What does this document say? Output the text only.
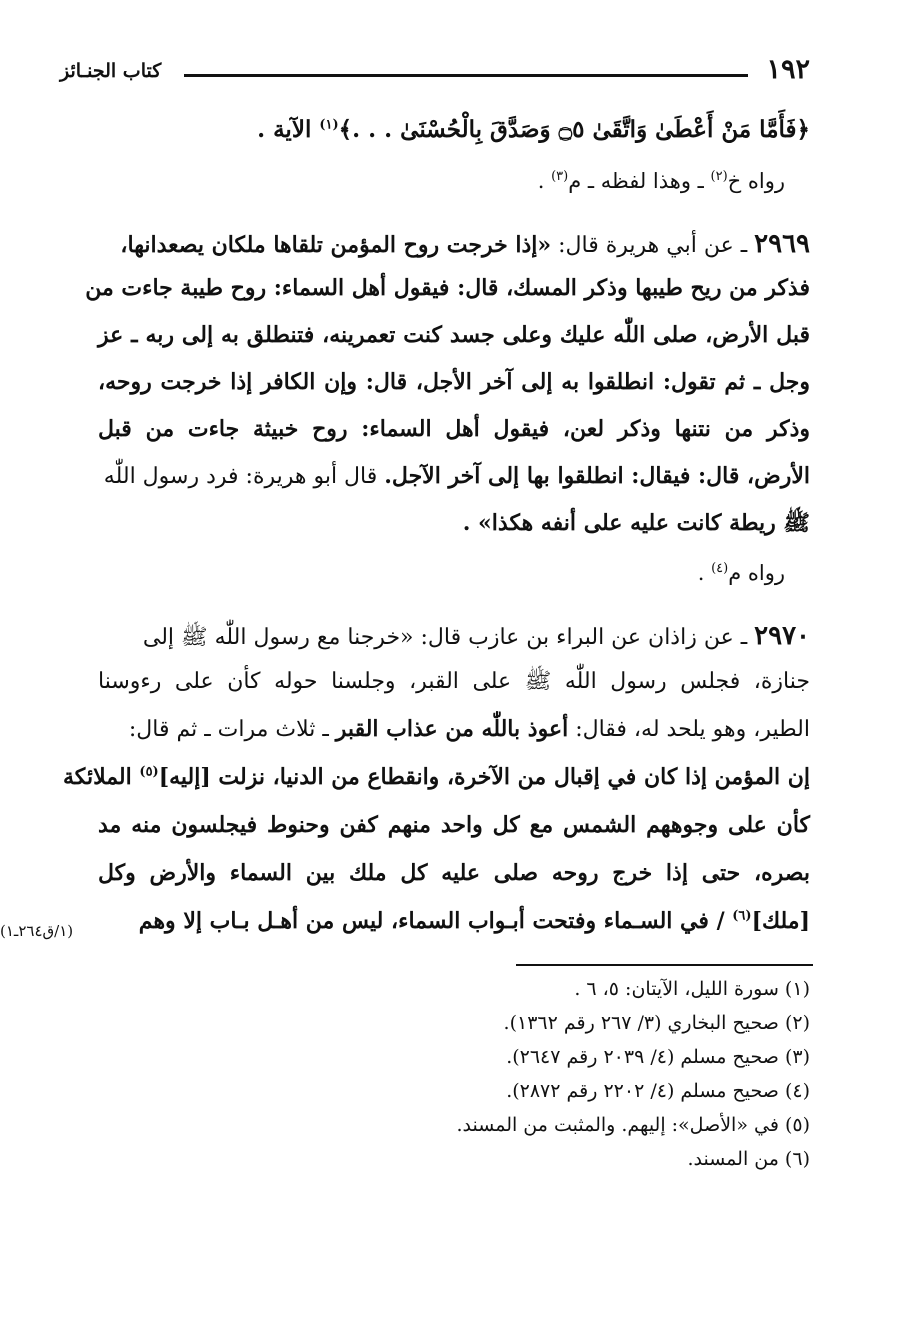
١٩٢
كتاب الجنـائز
﴿فَأَمَّا مَنْ أَعْطَىٰ وَاتَّقَىٰ ۝٥ وَصَدَّقَ بِالْحُسْنَىٰ . . .﴾$^{(١)}$ الآية .
رواه خ$^{(٢)}$ ـ وهذا لفظه ـ م$^{(٣)}$ .
٢٩٦٩ ـ عن أبي هريرة قال: «إذا خرجت روح المؤمن تلقاها ملكان يصعدانها،
فذكر من ريح طيبها وذكر المسك، قال: فيقول أهل السماء: روح طيبة جاءت من
قبل الأرض، صلى اللّٰه عليك وعلى جسد كنت تعمرينه، فتنطلق به إلى ربه ـ عز
وجل ـ ثم تقول: انطلقوا به إلى آخر الأجل، قال: وإن الكافر إذا خرجت روحه،
وذكر من نتنها وذكر لعن، فيقول أهل السماء: روح خبيثة جاءت من قبل
الأرض، قال: فيقال: انطلقوا بها إلى آخر الآجل. قال أبو هريرة: فرد رسول اللّٰه
ﷺ ريطة كانت عليه على أنفه هكذا» .
رواه م$^{(٤)}$ .
٢٩٧٠ ـ عن زاذان عن البراء بن عازب قال: «خرجنا مع رسول اللّٰه ﷺ إلى
جنازة، فجلس رسول اللّٰه ﷺ على القبر، وجلسنا حوله كأن على رءوسنا
الطير، وهو يلحد له، فقال: أعوذ باللّٰه من عذاب القبر ـ ثلاث مرات ـ ثم قال:
إن المؤمن إذا كان في إقبال من الآخرة، وانقطاع من الدنيا، نزلت [إليه]$^{(٥)}$ الملائكة
كأن على وجوههم الشمس مع كل واحد منهم كفن وحنوط فيجلسون منه مد
بصره، حتى إذا خرج روحه صلى عليه كل ملك بين السماء والأرض وكل
[ملك]$^{(٦)}$ / في السـماء وفتحت أبـواب السماء، ليس من أهـل بـاب إلا وهم
(١/ق٢٦٤ـ١)
(١) سورة الليل، الآيتان: ٥، ٦ .
(٢) صحيح البخاري (٣/ ٢٦٧ رقم ١٣٦٢).
(٣) صحيح مسلم (٤/ ٢٠٣٩ رقم ٢٦٤٧).
(٤) صحيح مسلم (٤/ ٢٢٠٢ رقم ٢٨٧٢).
(٥) في «الأصل»: إليهم. والمثبت من المسند.
(٦) من المسند.
